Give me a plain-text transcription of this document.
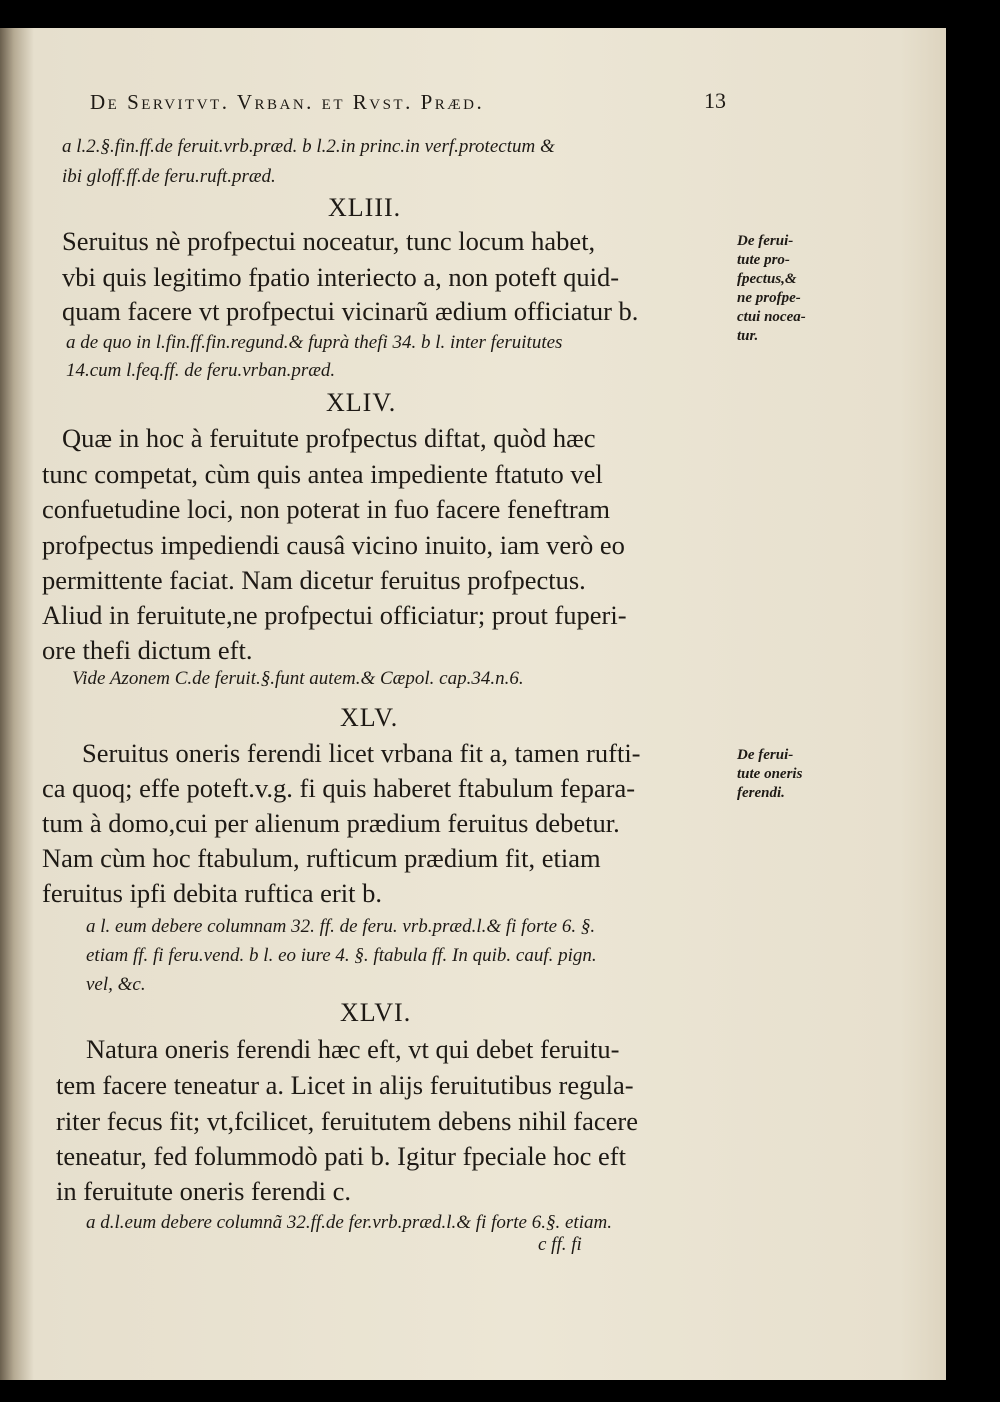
De Servitvt. Vrban. et Rvst. Præd.	13
a l.2.§.fin.ff.de feruit.vrb.præd. b l.2.in princ.in verf.protectum &
ibi gloff.ff.de feru.ruft.præd.
XLIII.
Seruitus nè profpectui noceatur, tunc locum habet,
vbi quis legitimo fpatio interiecto a, non poteft quid-
quam facere vt profpectui vicinarũ ædium officiatur b.
a de quo in l.fin.ff.fin.regund.& fuprà thefi 34. b l. inter feruitutes
14.cum l.feq.ff. de feru.vrban.præd.
XLIV.
Quæ in hoc à feruitute profpectus diftat, quòd hæc
tunc competat, cùm quis antea impediente ftatuto vel
confuetudine loci, non poterat in fuo facere feneftram
profpectus impediendi causâ vicino inuito, iam verò eo
permittente faciat. Nam dicetur feruitus profpectus.
Aliud in feruitute,ne profpectui officiatur; prout fuperi-
ore thefi dictum eft.
Vide Azonem C.de feruit.§.funt autem.& Cæpol. cap.34.n.6.
XLV.
Seruitus oneris ferendi licet vrbana fit a, tamen rufti-
ca quoq; effe poteft.v.g. fi quis haberet ftabulum fepara-
tum à domo,cui per alienum prædium feruitus debetur.
Nam cùm hoc ftabulum, rufticum prædium fit, etiam
feruitus ipfi debita ruftica erit b.
a l. eum debere columnam 32. ff. de feru. vrb.præd.l.& fi forte 6. §.
etiam ff. fi feru.vend. b l. eo iure 4. §. ftabula ff. In quib. cauf. pign.
vel, &c.
XLVI.
Natura oneris ferendi hæc eft, vt qui debet feruitu-
tem facere teneatur a. Licet in alijs feruitutibus regula-
riter fecus fit; vt,fcilicet, feruitutem debens nihil facere
teneatur, fed folummodò pati b. Igitur fpeciale hoc eft
in feruitute oneris ferendi c.
a d.l.eum debere columnã 32.ff.de fer.vrb.præd.l.& fi forte 6.§. etiam.
c ff. fi
De ferui-
tute pro-
fpectus,&
ne profpe-
ctui nocea-
tur.
De ferui-
tute oneris
ferendi.
